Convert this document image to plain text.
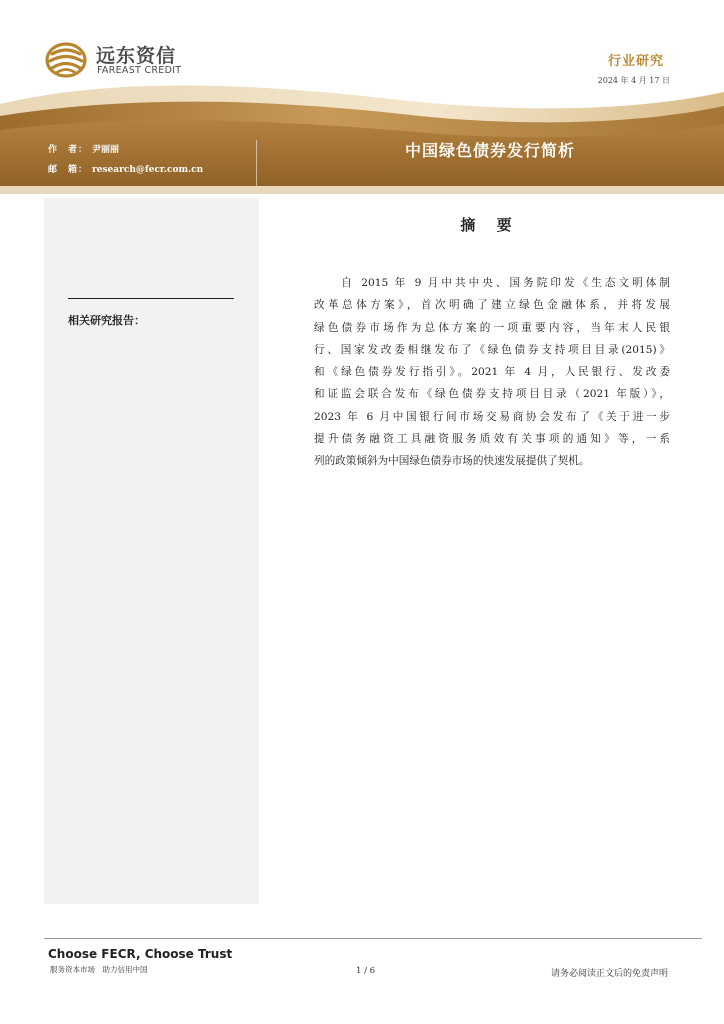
远东资信
FAREAST CREDIT
行业研究
2024 年 4 月 17 日
作　者： 尹丽丽
邮　箱： research@fecr.com.cn
中国绿色债券发行简析
相关研究报告：
摘 要
　　自 2015 年 9 月中共中央、国务院印发《生态文明体制
改革总体方案》，首次明确了建立绿色金融体系，并将发展
绿色债券市场作为总体方案的一项重要内容，当年末人民银
行、国家发改委相继发布了《绿色债券支持项目目录(2015)》
和《绿色债券发行指引》。2021 年 4 月，人民银行、发改委
和证监会联合发布《绿色债券支持项目目录（2021 年版）》，
2023 年 6 月中国银行间市场交易商协会发布了《关于进一步
提升债务融资工具融资服务质效有关事项的通知》等，一系
列的政策倾斜为中国绿色债券市场的快速发展提供了契机。
Choose FECR, Choose Trust
服务资本市场　助力信用中国	1 / 6	请务必阅读正文后的免责声明
